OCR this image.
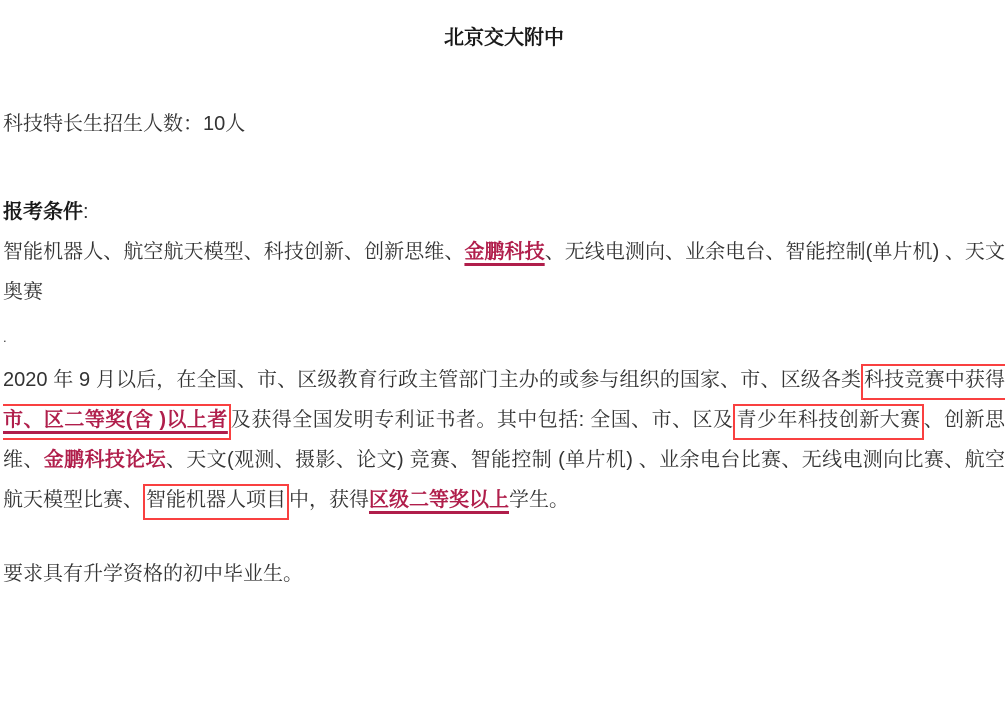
北京交大附中
科技特长生招生人数：10人
报考条件:
智能机器人、航空航天模型、科技创新、创新思维、金鹏科技、无线电测向、业余电台、智能控制(单片机) 、天文奥赛
.
2020 年 9 月以后，在全国、市、区级教育行政主管部门主办的或参与组织的国家、市、区级各类 科技竞赛中获得市、区二等奖(含 )以上者 及获得全国发明专利证书者。其中包括: 全国、市、区及 青少年科技创新大赛 、创新思维、金鹏科技论坛、天文(观测、摄影、论文) 竞赛、智能控制 (单片机) 、业余电台比赛、无线电测向比赛、航空航天模型比赛、 智能机器人项目 中，获得区级二等奖以上学生。
要求具有升学资格的初中毕业生。
